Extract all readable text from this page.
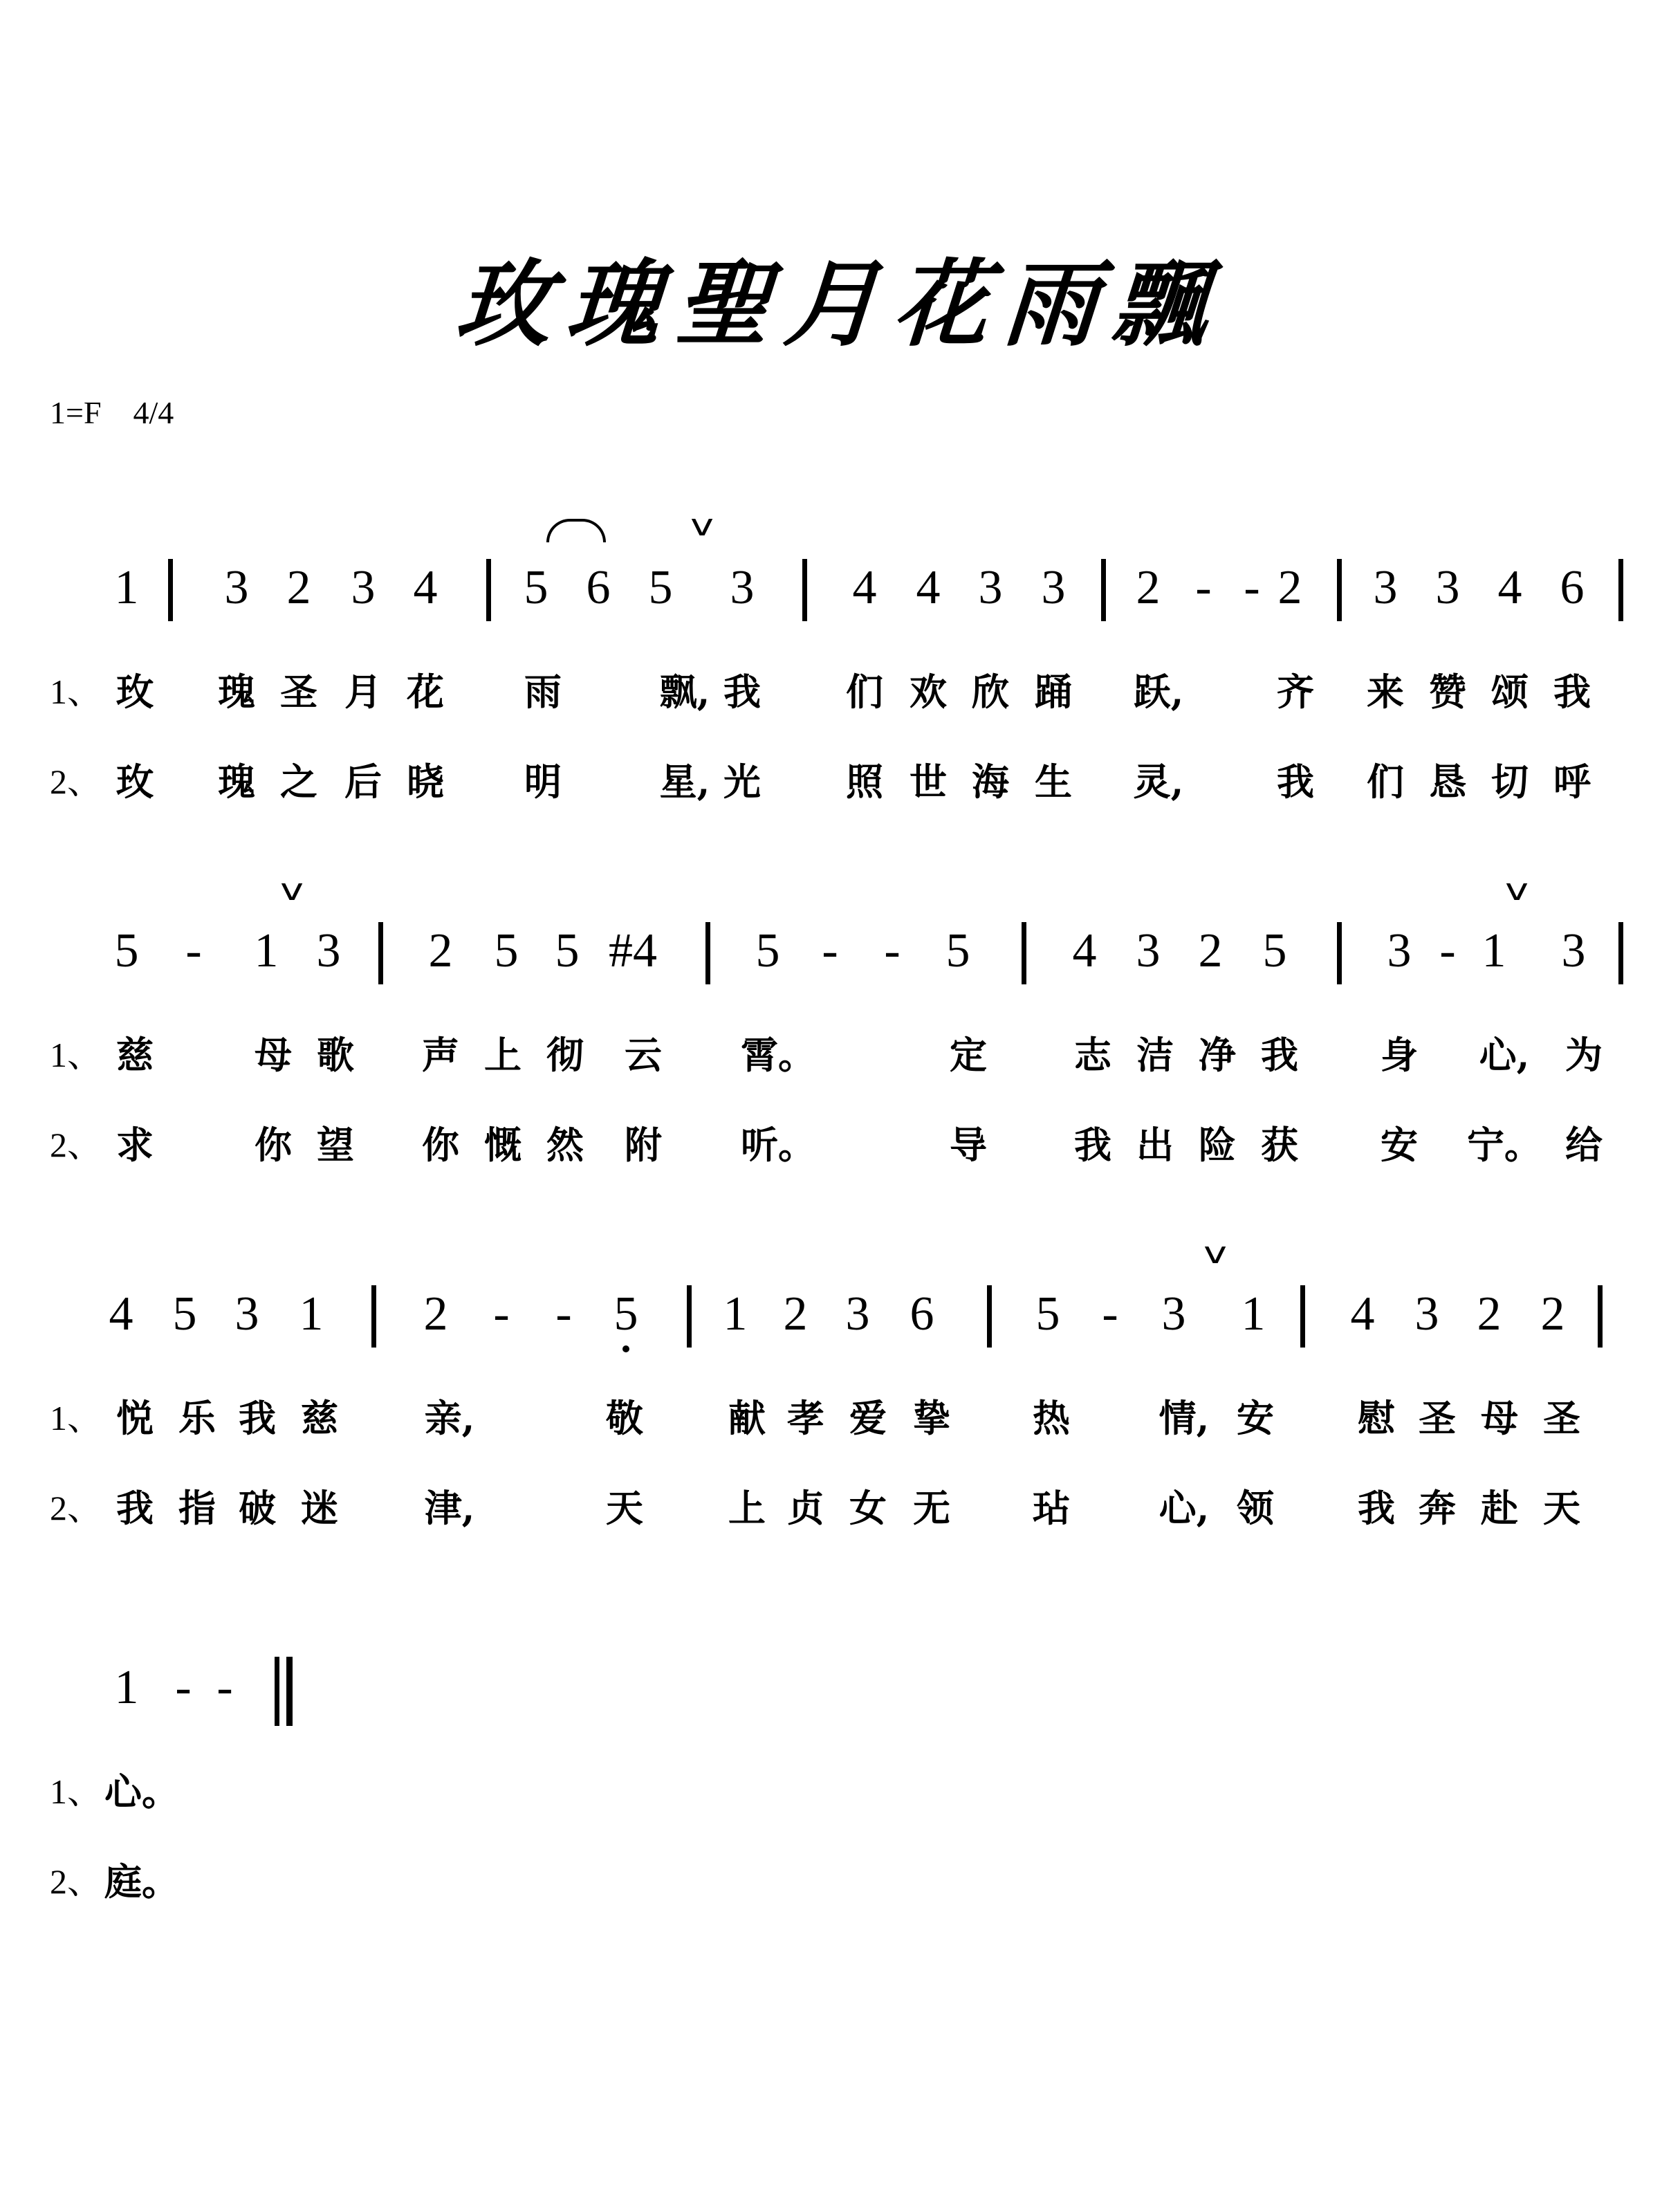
玫瑰聖月花雨飄
1=F 4/4
v
1 3 2 3 4 5 6 5 3 4 4 3 3 2 - - 2 3 3 4 6
1、 玫 瑰 圣 月 花 雨	飘, 我 们 欢 欣 踊 跃, 齐 来 赞 颂 我
2、 玫 瑰 之 后 晓 明	星, 光 照 世 海 生 灵, 我 们 恳 切 呼
v	v
5 - 1 3 2 5 5 #4 5 - - 5 4 3 2 5 3 - 1 3
1、 慈	母 歌 声 上 彻 云 霄。	定 志 洁 净 我 身 心, 为
2、 求	你 望 你 慨 然 附 听。	导 我 出 险 获 安 宁。 给
v
4 5 3 1 2 - - 5 1 2 3 6 5 - 3 1 4 3 2 2
1、 悦 乐 我 慈 亲,	敬 献 孝 爱 挚 热 情, 安 慰 圣 母 圣
2、 我 指 破 迷 津,	天 上 贞 女 无 玷 心, 领 我 奔 赴 天
1 - -
1、 心。
2、 庭。
